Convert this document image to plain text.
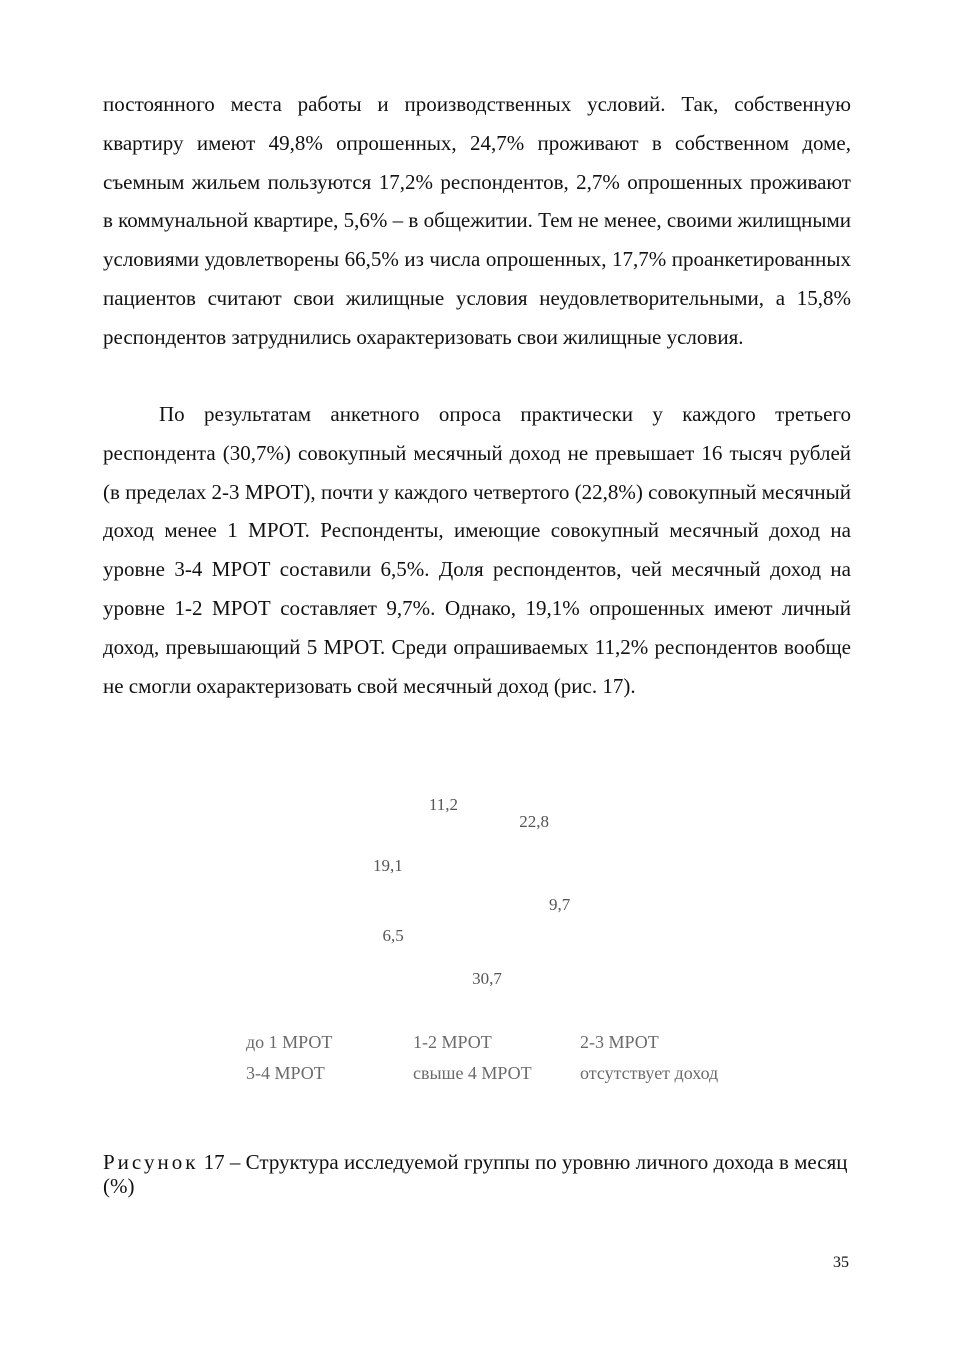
постоянного места работы и производственных условий. Так, собственную квартиру имеют 49,8% опрошенных, 24,7% проживают в собственном доме, съемным жильем пользуются 17,2% респондентов, 2,7% опрошенных проживают в коммунальной квартире, 5,6% – в общежитии. Тем не менее, своими жилищными условиями удовлетворены 66,5% из числа опрошенных, 17,7% проанкетированных пациентов считают свои жилищные условия неудовлетворительными, а 15,8% респондентов затруднились охарактеризовать свои жилищные условия.

По результатам анкетного опроса практически у каждого третьего респондента (30,7%) совокупный месячный доход не превышает 16 тысяч рублей (в пределах 2-3 МРОТ), почти у каждого четвертого (22,8%) совокупный месячный доход менее 1 МРОТ. Респонденты, имеющие совокупный месячный доход на уровне 3-4 МРОТ составили 6,5%. Доля респондентов, чей месячный доход на уровне 1-2 МРОТ составляет 9,7%. Однако, 19,1% опрошенных имеют личный доход, превышающий 5 МРОТ. Среди опрашиваемых 11,2% респондентов вообще не смогли охарактеризовать свой месячный доход (рис. 17).

22,8
9,7
30,7
6,5
19,1
11,2
до 1 МРОТ	1-2 МРОТ	2-3 МРОТ
3-4 МРОТ	свыше 4 МРОТ	отсутствует доход

Рисунок 17 – Структура исследуемой группы по уровню личного дохода в месяц (%)

35
